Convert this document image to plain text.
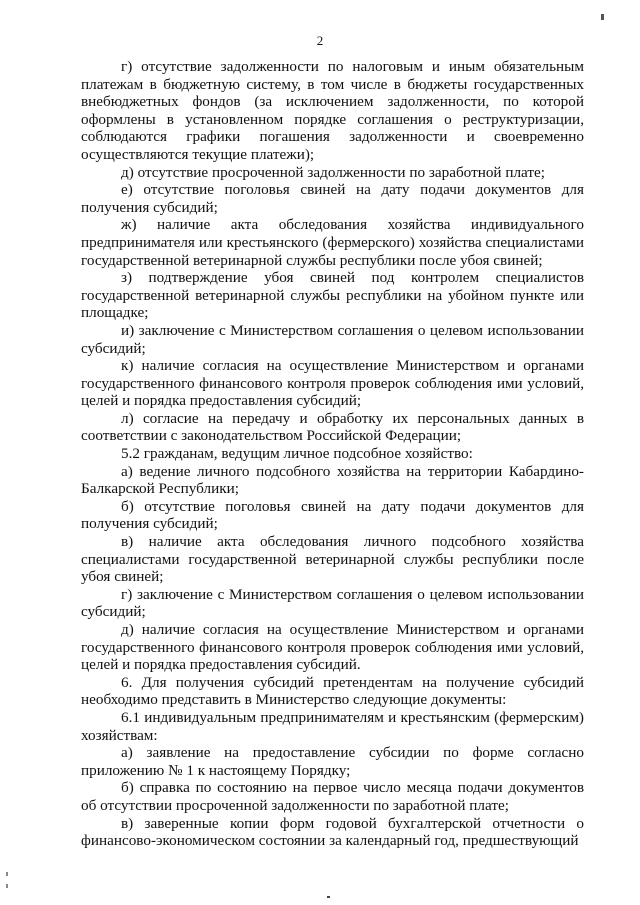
2

г) отсутствие задолженности по налоговым и иным обязательным платежам в бюджетную систему, в том числе в бюджеты государственных внебюджетных фондов (за исключением задолженности, по которой оформлены в установленном порядке соглашения о реструктуризации, соблюдаются графики погашения задолженности и своевременно осуществляются текущие платежи);

д) отсутствие просроченной задолженности по заработной плате;

е) отсутствие поголовья свиней на дату подачи документов для получения субсидий;

ж) наличие акта обследования хозяйства индивидуального предпринимателя или крестьянского (фермерского) хозяйства специалистами государственной ветеринарной службы республики после убоя свиней;

з) подтверждение убоя свиней под контролем специалистов государственной ветеринарной службы республики на убойном пункте или площадке;

и) заключение с Министерством соглашения о целевом использовании субсидий;

к) наличие согласия на осуществление Министерством и органами государственного финансового контроля проверок соблюдения ими условий, целей и порядка предоставления субсидий;

л) согласие на передачу и обработку их персональных данных в соответствии с законодательством Российской Федерации;

5.2 гражданам, ведущим личное подсобное хозяйство:

а) ведение личного подсобного хозяйства на территории Кабардино-Балкарской Республики;

б) отсутствие поголовья свиней на дату подачи документов для получения субсидий;

в) наличие акта обследования личного подсобного хозяйства специалистами государственной ветеринарной службы республики после убоя свиней;

г) заключение с Министерством соглашения о целевом использовании субсидий;

д) наличие согласия на осуществление Министерством и органами государственного финансового контроля проверок соблюдения ими условий, целей и порядка предоставления субсидий.

6. Для получения субсидий претендентам на получение субсидий необходимо представить в Министерство следующие документы:

6.1 индивидуальным предпринимателям и крестьянским (фермерским) хозяйствам:

а) заявление на предоставление субсидии по форме согласно приложению № 1 к настоящему Порядку;

б) справка по состоянию на первое число месяца подачи документов об отсутствии просроченной задолженности по заработной плате;

в) заверенные копии форм годовой бухгалтерской отчетности о финансово-экономическом состоянии за календарный год, предшествующий
